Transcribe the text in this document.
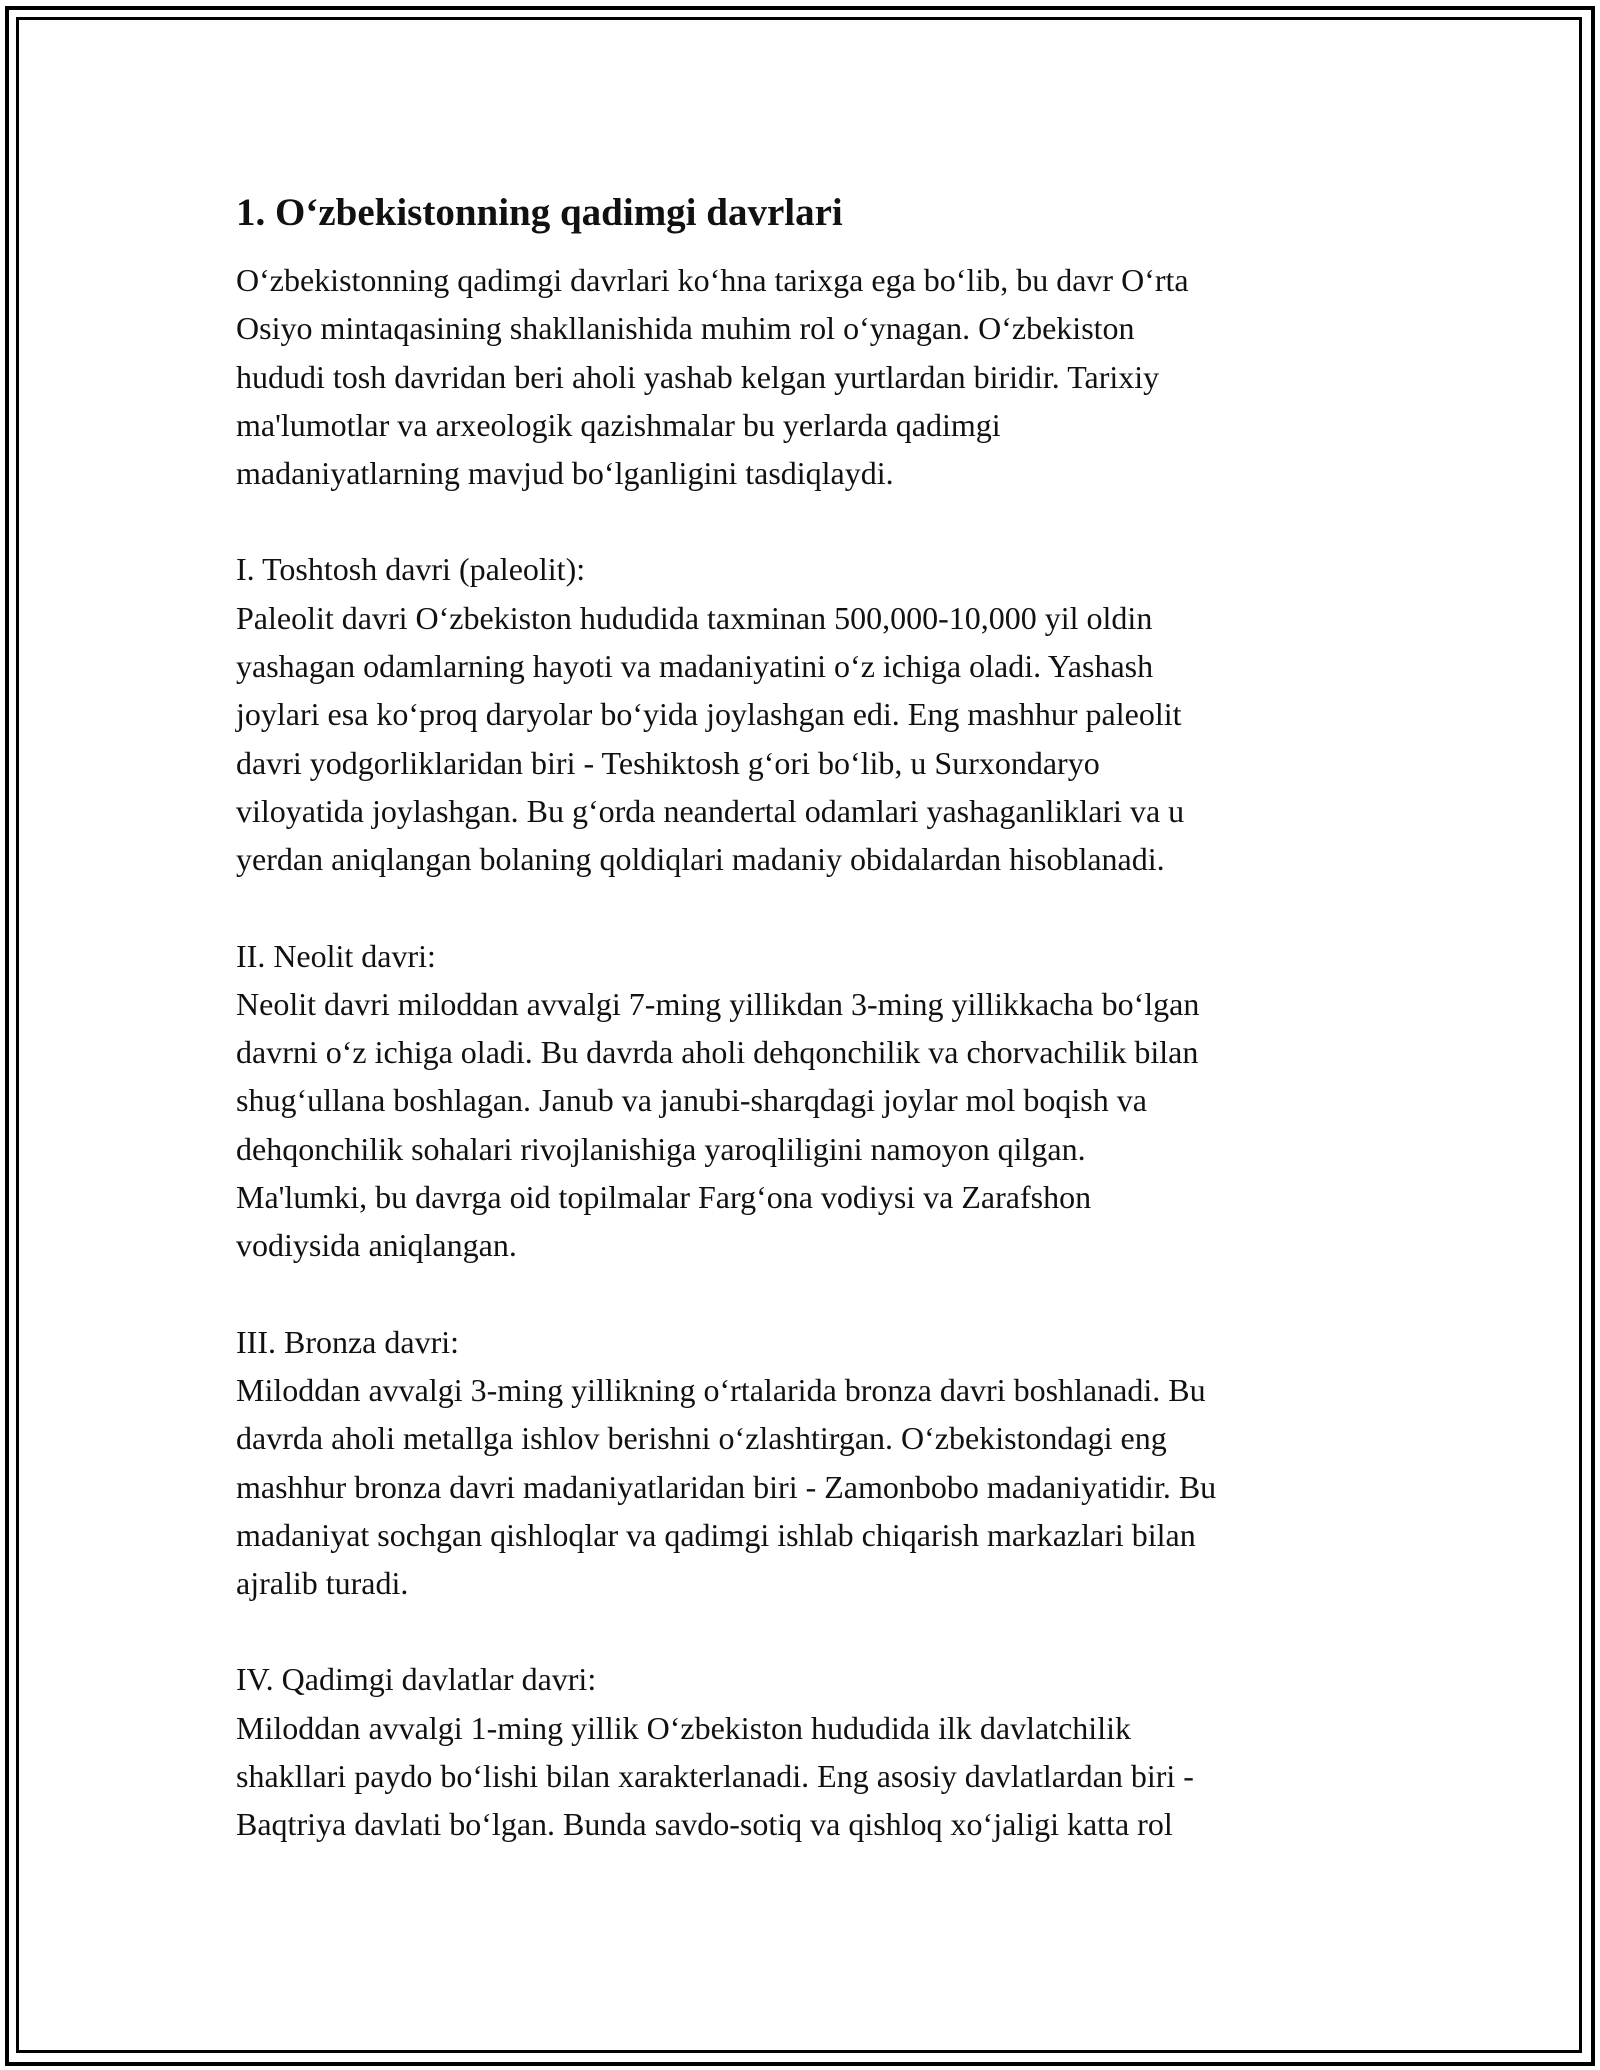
1. O‘zbekistonning qadimgi davrlari

O‘zbekistonning qadimgi davrlari ko‘hna tarixga ega bo‘lib, bu davr O‘rta
Osiyo mintaqasining shakllanishida muhim rol o‘ynagan. O‘zbekiston
hududi tosh davridan beri aholi yashab kelgan yurtlardan biridir. Tarixiy
ma'lumotlar va arxeologik qazishmalar bu yerlarda qadimgi
madaniyatlarning mavjud bo‘lganligini tasdiqlaydi.

I. Toshtosh davri (paleolit):

Paleolit davri O‘zbekiston hududida taxminan 500,000-10,000 yil oldin
yashagan odamlarning hayoti va madaniyatini o‘z ichiga oladi. Yashash
joylari esa ko‘proq daryolar bo‘yida joylashgan edi. Eng mashhur paleolit
davri yodgorliklaridan biri - Teshiktosh g‘ori bo‘lib, u Surxondaryo
viloyatida joylashgan. Bu g‘orda neandertal odamlari yashaganliklari va u
yerdan aniqlangan bolaning qoldiqlari madaniy obidalardan hisoblanadi.

II. Neolit davri:

Neolit davri miloddan avvalgi 7-ming yillikdan 3-ming yillikkacha bo‘lgan
davrni o‘z ichiga oladi. Bu davrda aholi dehqonchilik va chorvachilik bilan
shug‘ullana boshlagan. Janub va janubi-sharqdagi joylar mol boqish va
dehqonchilik sohalari rivojlanishiga yaroqliligini namoyon qilgan.
Ma'lumki, bu davrga oid topilmalar Farg‘ona vodiysi va Zarafshon
vodiysida aniqlangan.

III. Bronza davri:

Miloddan avvalgi 3-ming yillikning o‘rtalarida bronza davri boshlanadi. Bu
davrda aholi metallga ishlov berishni o‘zlashtirgan. O‘zbekistondagi eng
mashhur bronza davri madaniyatlaridan biri - Zamonbobo madaniyatidir. Bu
madaniyat sochgan qishloqlar va qadimgi ishlab chiqarish markazlari bilan
ajralib turadi.

IV. Qadimgi davlatlar davri:

Miloddan avvalgi 1-ming yillik O‘zbekiston hududida ilk davlatchilik
shakllari paydo bo‘lishi bilan xarakterlanadi. Eng asosiy davlatlardan biri -
Baqtriya davlati bo‘lgan. Bunda savdo-sotiq va qishloq xo‘jaligi katta rol
